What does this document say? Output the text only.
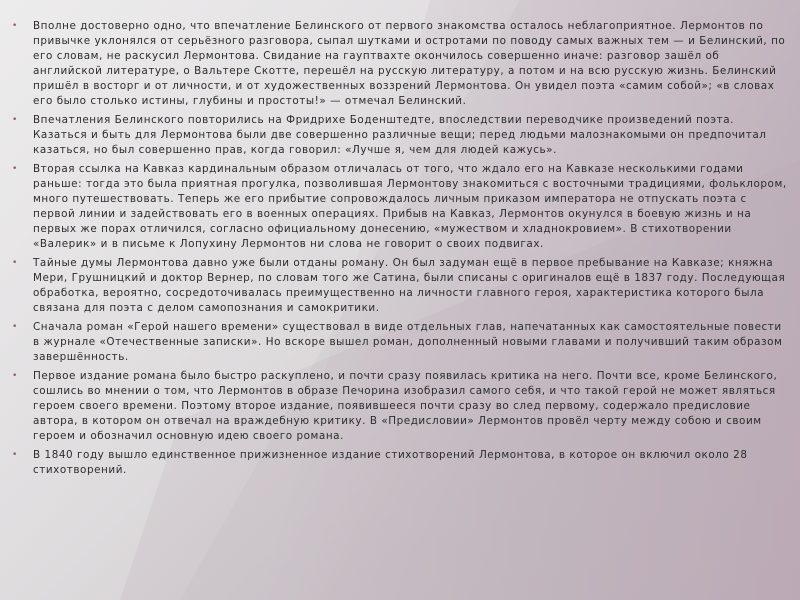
•	Вполне достоверно одно, что впечатление Белинского от первого знакомства осталось неблагоприятное. Лермонтов по привычке уклонялся от серьёзного разговора, сыпал шутками и остротами по поводу самых важных тем — и Белинский, по его словам, не раскусил Лермонтова. Свидание на гауптвахте окончилось совершенно иначе: разговор зашёл об английской литературе, о Вальтере Скотте, перешёл на русскую литературу, а потом и на всю русскую жизнь. Белинский пришёл в восторг и от личности, и от художественных воззрений Лермонтова. Он увидел поэта «самим собой»; «в словах его было столько истины, глубины и простоты!» — отмечал Белинский.
•	Впечатления Белинского повторились на Фридрихе Боденштедте, впоследствии переводчике произведений поэта. Казаться и быть для Лермонтова были две совершенно различные вещи; перед людьми малознакомыми он предпочитал казаться, но был совершенно прав, когда говорил: «Лучше я, чем для людей кажусь».
•	Вторая ссылка на Кавказ кардинальным образом отличалась от того, что ждало его на Кавказе несколькими годами раньше: тогда это была приятная прогулка, позволившая Лермонтову знакомиться с восточными традициями, фольклором, много путешествовать. Теперь же его прибытие сопровождалось личным приказом императора не отпускать поэта с первой линии и задействовать его в военных операциях. Прибыв на Кавказ, Лермонтов окунулся в боевую жизнь и на первых же порах отличился, согласно официальному донесению, «мужеством и хладнокровием». В стихотворении «Валерик» и в письме к Лопухину Лермонтов ни слова не говорит о своих подвигах.
•	Тайные думы Лермонтова давно уже были отданы роману. Он был задуман ещё в первое пребывание на Кавказе; княжна Мери, Грушницкий и доктор Вернер, по словам того же Сатина, были списаны с оригиналов ещё в 1837 году. Последующая обработка, вероятно, сосредоточивалась преимущественно на личности главного героя, характеристика которого была связана для поэта с делом самопознания и самокритики.
•	Сначала роман «Герой нашего времени» существовал в виде отдельных глав, напечатанных как самостоятельные повести в журнале «Отечественные записки». Но вскоре вышел роман, дополненный новыми главами и получивший таким образом завершённость.
•	Первое издание романа было быстро раскуплено, и почти сразу появилась критика на него. Почти все, кроме Белинского, сошлись во мнении о том, что Лермонтов в образе Печорина изобразил самого себя, и что такой герой не может являться героем своего времени. Поэтому второе издание, появившееся почти сразу во след первому, содержало предисловие автора, в котором он отвечал на враждебную критику. В «Предисловии» Лермонтов провёл черту между собою и своим героем и обозначил основную идею своего романа.
•	В 1840 году вышло единственное прижизненное издание стихотворений Лермонтова, в которое он включил около 28 стихотворений.
